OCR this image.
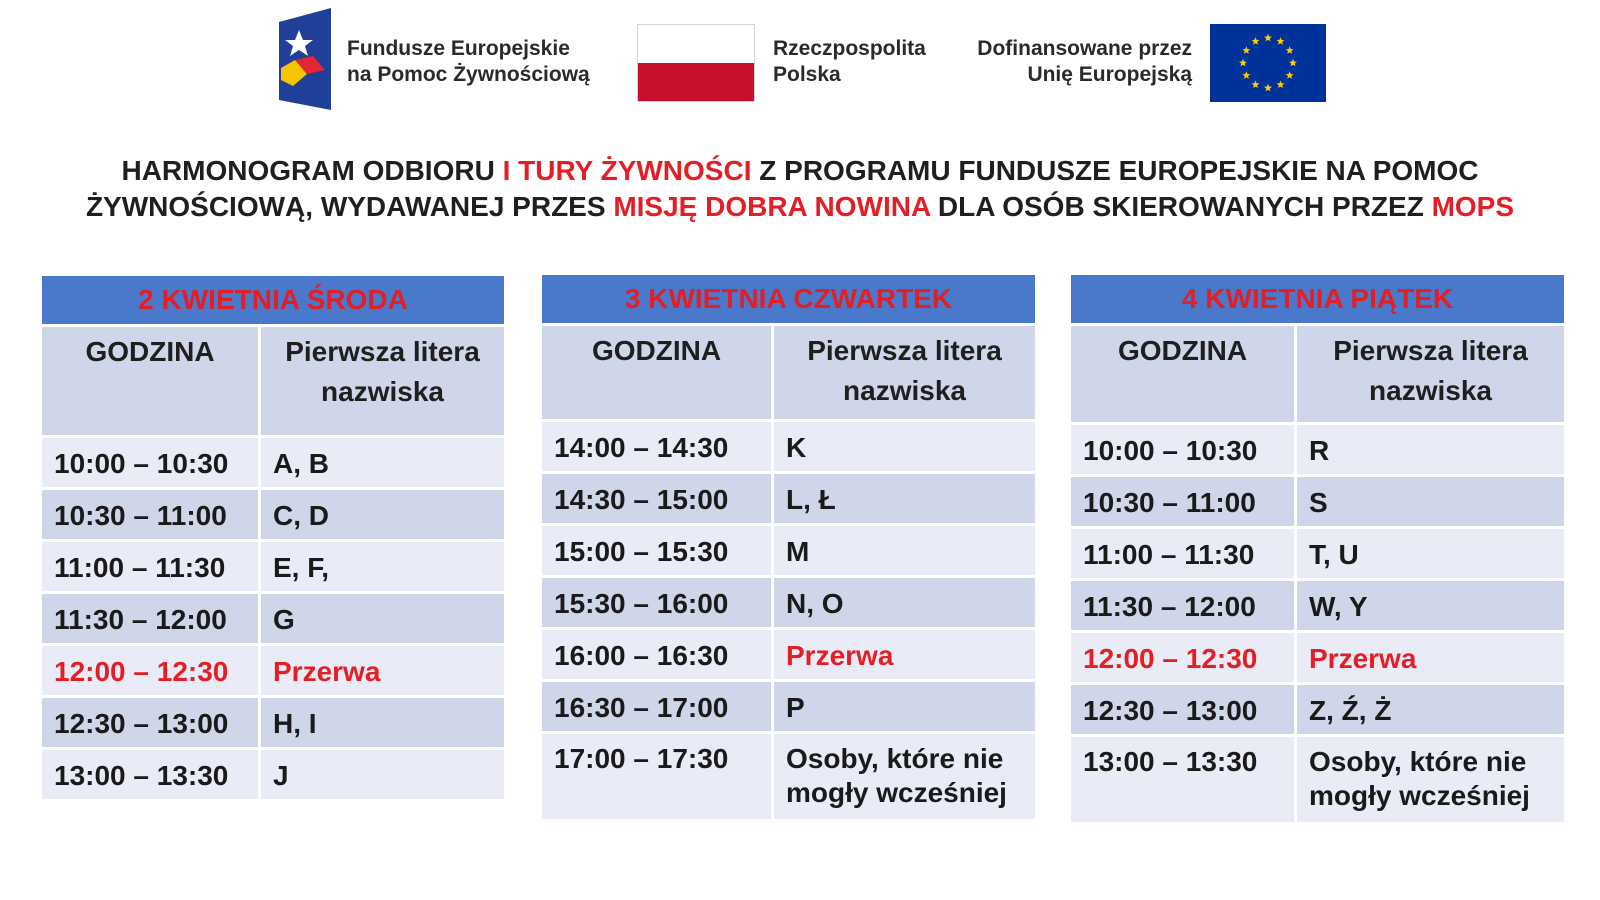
Fundusze Europejskie
na Pomoc Żywnościową
Rzeczpospolita
Polska
Dofinansowane przez
Unię Europejską
HARMONOGRAM ODBIORU I TURY ŻYWNOŚCI Z PROGRAMU FUNDUSZE EUROPEJSKIE NA POMOC
ŻYWNOŚCIOWĄ, WYDAWANEJ PRZES MISJĘ DOBRA NOWINA DLA OSÓB SKIEROWANYCH PRZEZ MOPS
2 KWIETNIA ŚRODA
GODZINA	Pierwsza litera
nazwiska
10:00 – 10:30	A, B
10:30 – 11:00	C, D
11:00 – 11:30	E, F,
11:30 – 12:00	G
12:00 – 12:30	Przerwa
12:30 – 13:00	H, I
13:00 – 13:30	J
3 KWIETNIA CZWARTEK
GODZINA	Pierwsza litera
nazwiska
14:00 – 14:30	K
14:30 – 15:00	L, Ł
15:00 – 15:30	M
15:30 – 16:00	N, O
16:00 – 16:30	Przerwa
16:30 – 17:00	P
17:00 – 17:30	Osoby, które nie
mogły wcześniej
4 KWIETNIA PIĄTEK
GODZINA	Pierwsza litera
nazwiska
10:00 – 10:30	R
10:30 – 11:00	S
11:00 – 11:30	T, U
11:30 – 12:00	W, Y
12:00 – 12:30	Przerwa
12:30 – 13:00	Z, Ź, Ż
13:00 – 13:30	Osoby, które nie
mogły wcześniej
